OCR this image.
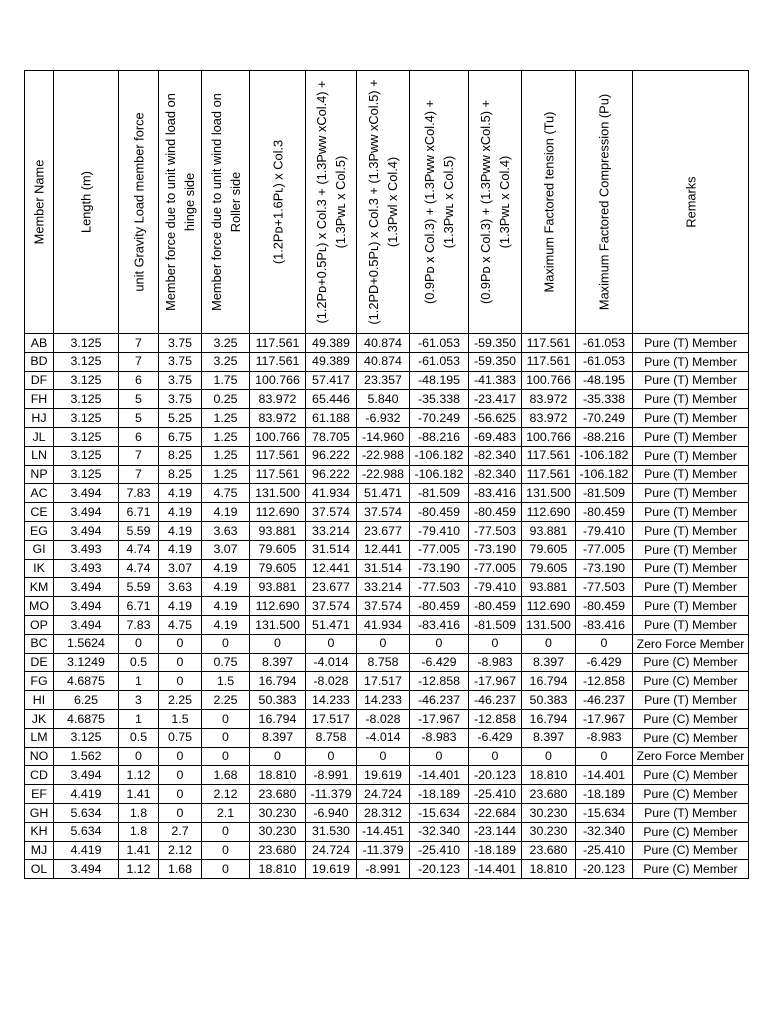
Member Name	Length (m)	unit Gravity Load member force	Member force due to unit wind load on hinge side	Member force due to unit wind load on Roller side	(1.2Pᴅ+1.6Pʟ) x Col.3	(1.2Pᴅ+0.5Pʟ) x Col.3 + (1.3Pᴡᴡ xCol.4) + (1.3Pᴡʟ x Col.5)	(1.2PD+0.5Pʟ) x Col.3 + (1.3Pᴡᴡ xCol.5) + (1.3Pwl x Col.4)	(0.9Pᴅ x Col.3) + (1.3Pᴡᴡ xCol.4) + (1.3Pᴡʟ x Col.5)	(0.9Pᴅ x Col.3) + (1.3Pᴡᴡ xCol.5) + (1.3Pᴡʟ x Col.4)	Maximum Factored tension (Tu)	Maximum Factored Compression (Pu)	Remarks

AB	3.125	7	3.75	3.25	117.561	49.389	40.874	-61.053	-59.350	117.561	-61.053	Pure (T) Member
BD	3.125	7	3.75	3.25	117.561	49.389	40.874	-61.053	-59.350	117.561	-61.053	Pure (T) Member
DF	3.125	6	3.75	1.75	100.766	57.417	23.357	-48.195	-41.383	100.766	-48.195	Pure (T) Member
FH	3.125	5	3.75	0.25	83.972	65.446	5.840	-35.338	-23.417	83.972	-35.338	Pure (T) Member
HJ	3.125	5	5.25	1.25	83.972	61.188	-6.932	-70.249	-56.625	83.972	-70.249	Pure (T) Member
JL	3.125	6	6.75	1.25	100.766	78.705	-14.960	-88.216	-69.483	100.766	-88.216	Pure (T) Member
LN	3.125	7	8.25	1.25	117.561	96.222	-22.988	-106.182	-82.340	117.561	-106.182	Pure (T) Member
NP	3.125	7	8.25	1.25	117.561	96.222	-22.988	-106.182	-82.340	117.561	-106.182	Pure (T) Member
AC	3.494	7.83	4.19	4.75	131.500	41.934	51.471	-81.509	-83.416	131.500	-81.509	Pure (T) Member
CE	3.494	6.71	4.19	4.19	112.690	37.574	37.574	-80.459	-80.459	112.690	-80.459	Pure (T) Member
EG	3.494	5.59	4.19	3.63	93.881	33.214	23.677	-79.410	-77.503	93.881	-79.410	Pure (T) Member
GI	3.493	4.74	4.19	3.07	79.605	31.514	12.441	-77.005	-73.190	79.605	-77.005	Pure (T) Member
IK	3.493	4.74	3.07	4.19	79.605	12.441	31.514	-73.190	-77.005	79.605	-73.190	Pure (T) Member
KM	3.494	5.59	3.63	4.19	93.881	23.677	33.214	-77.503	-79.410	93.881	-77.503	Pure (T) Member
MO	3.494	6.71	4.19	4.19	112.690	37.574	37.574	-80.459	-80.459	112.690	-80.459	Pure (T) Member
OP	3.494	7.83	4.75	4.19	131.500	51.471	41.934	-83.416	-81.509	131.500	-83.416	Pure (T) Member
BC	1.5624	0	0	0	0	0	0	0	0	0	0	Zero Force Member
DE	3.1249	0.5	0	0.75	8.397	-4.014	8.758	-6.429	-8.983	8.397	-6.429	Pure (C) Member
FG	4.6875	1	0	1.5	16.794	-8.028	17.517	-12.858	-17.967	16.794	-12.858	Pure (C) Member
HI	6.25	3	2.25	2.25	50.383	14.233	14.233	-46.237	-46.237	50.383	-46.237	Pure (T) Member
JK	4.6875	1	1.5	0	16.794	17.517	-8.028	-17.967	-12.858	16.794	-17.967	Pure (C) Member
LM	3.125	0.5	0.75	0	8.397	8.758	-4.014	-8.983	-6.429	8.397	-8.983	Pure (C) Member
NO	1.562	0	0	0	0	0	0	0	0	0	0	Zero Force Member
CD	3.494	1.12	0	1.68	18.810	-8.991	19.619	-14.401	-20.123	18.810	-14.401	Pure (C) Member
EF	4.419	1.41	0	2.12	23.680	-11.379	24.724	-18.189	-25.410	23.680	-18.189	Pure (C) Member
GH	5.634	1.8	0	2.1	30.230	-6.940	28.312	-15.634	-22.684	30.230	-15.634	Pure (T) Member
KH	5.634	1.8	2.7	0	30.230	31.530	-14.451	-32.340	-23.144	30.230	-32.340	Pure (C) Member
MJ	4.419	1.41	2.12	0	23.680	24.724	-11.379	-25.410	-18.189	23.680	-25.410	Pure (C) Member
OL	3.494	1.12	1.68	0	18.810	19.619	-8.991	-20.123	-14.401	18.810	-20.123	Pure (C) Member
